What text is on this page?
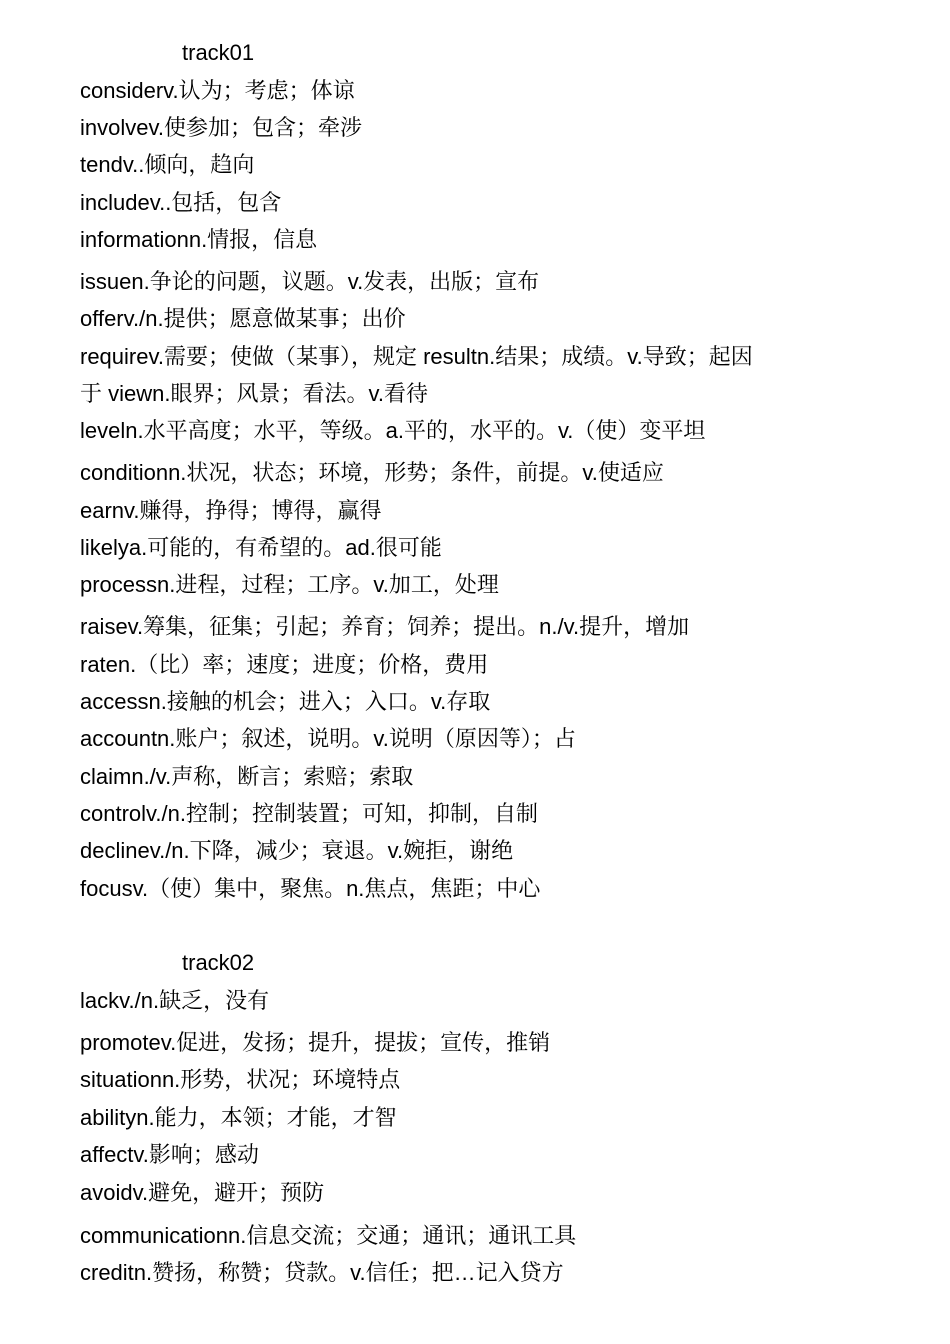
track01
considerv.认为；考虑；体谅
involvev.使参加；包含；牵涉
tendv..倾向，趋向
includev..包括，包含
informationn.情报，信息
issuen.争论的问题，议题。v.发表，出版；宣布
offerv./n.提供；愿意做某事；出价
requirev.需要；使做（某事），规定 resultn.结果；成绩。v.导致；起因
于 viewn.眼界；风景；看法。v.看待
leveln.水平高度；水平，等级。a.平的，水平的。v.（使）变平坦
conditionn.状况，状态；环境，形势；条件，前提。v.使适应
earnv.赚得，挣得；博得，赢得
likelya.可能的，有希望的。ad.很可能
processn.进程，过程；工序。v.加工，处理
raisev.筹集，征集；引起；养育；饲养；提出。n./v.提升，增加
raten.（比）率；速度；进度；价格，费用
accessn.接触的机会；进入；入口。v.存取
accountn.账户；叙述，说明。v.说明（原因等）；占
claimn./v.声称，断言；索赔；索取
controlv./n.控制；控制装置；可知，抑制，自制
declinev./n.下降，减少；衰退。v.婉拒，谢绝
focusv.（使）集中，聚焦。n.焦点，焦距；中心
track02
lackv./n.缺乏，没有
promotev.促进，发扬；提升，提拔；宣传，推销
situationn.形势，状况；环境特点
abilityn.能力，本领；才能，才智
affectv.影响；感动
avoidv.避免，避开；预防
communicationn.信息交流；交通；通讯；通讯工具
creditn.赞扬，称赞；贷款。v.信任；把…记入贷方
